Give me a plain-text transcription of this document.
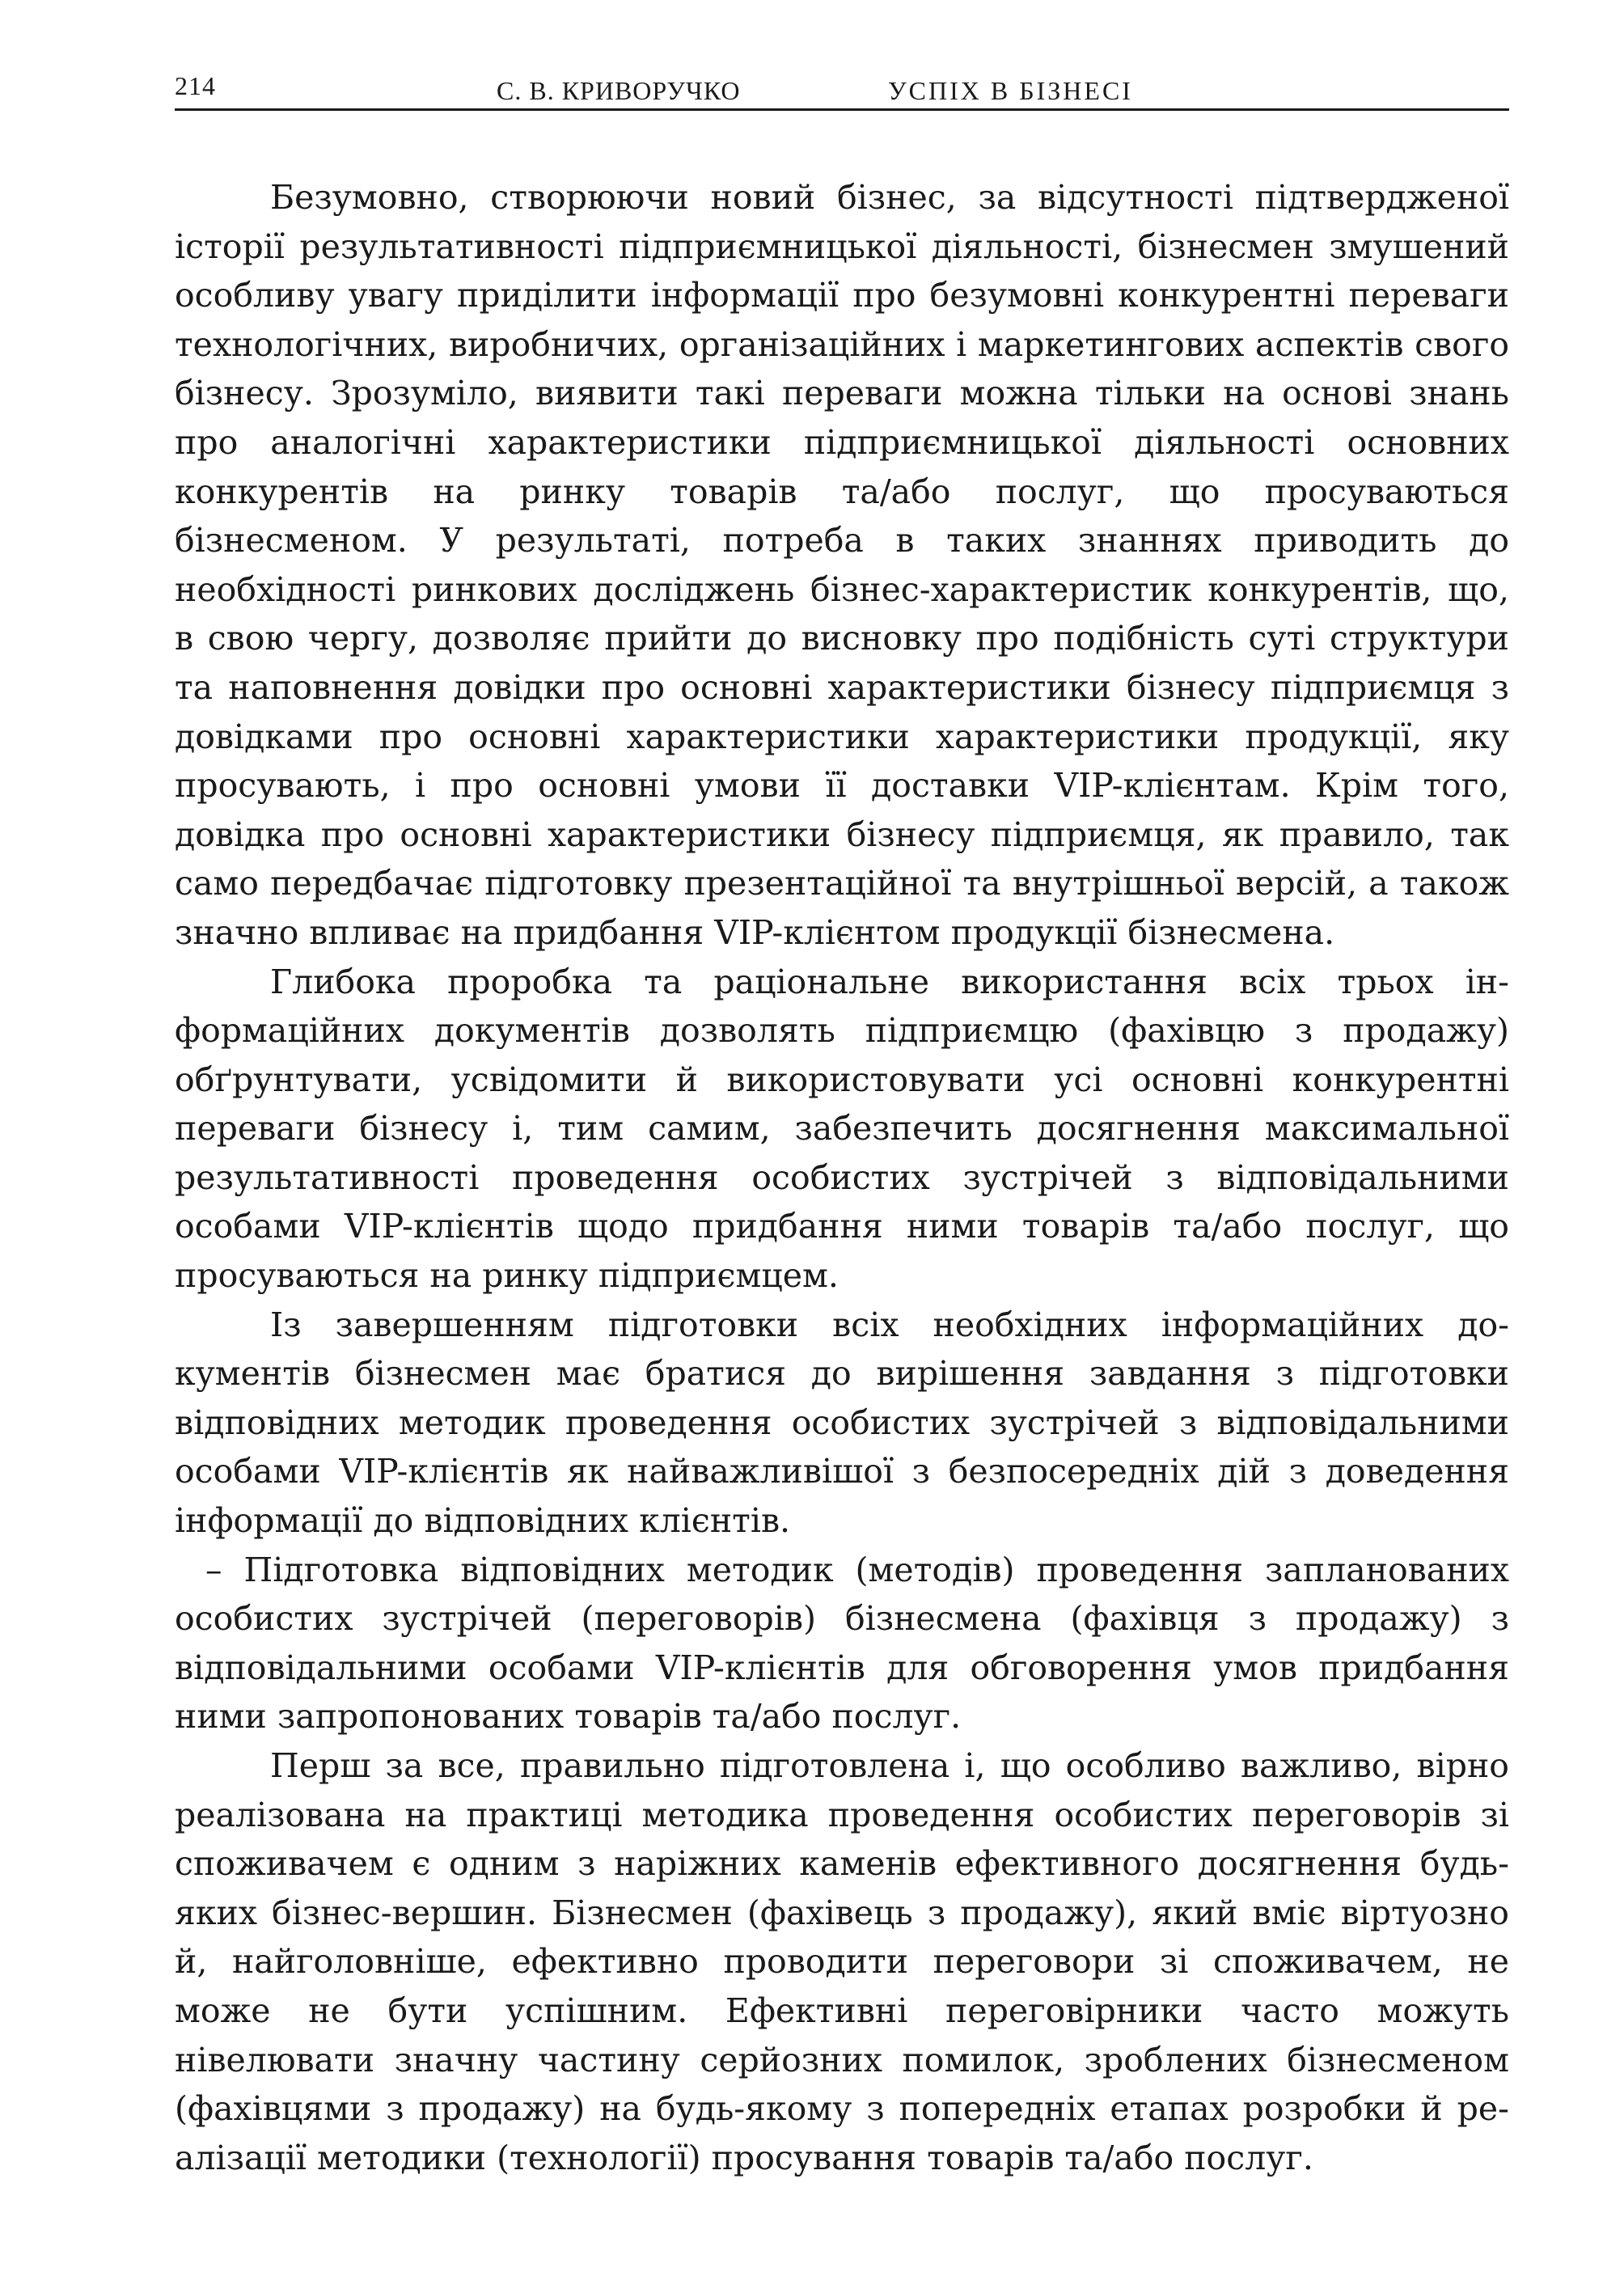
214	С. В. КРИВОРУЧКО	УСПІХ В БІЗНЕСІ

Безумовно, створюючи новий бізнес, за відсутності підтвердженої історії результативності підприємницької діяльності, бізнесмен змушений особливу увагу приділити інформації про безумовні конкурентні переваги технологічних, виробничих, організаційних і маркетингових аспектів свого бізнесу. Зрозуміло, виявити такі переваги можна тільки на основі знань про аналогічні характеристики підприємницької діяльності основних конкурентів на ринку товарів та/або послуг, що просуваються бізнесменом. У результаті, потреба в таких знаннях приводить до необхідності ринкових досліджень бізнес-характеристик конкурентів, що, в свою чергу, дозволяє прийти до висновку про подібність суті структури та наповнення довідки про основні характеристики бізнесу підприємця з довідками про основні характеристики характеристики продукції, яку просувають, і про основні умови її доставки VIP-клієнтам. Крім того, довідка про основні характеристики бізнесу підприємця, як правило, так само передбачає підготовку презентаційної та внутрішньої версій, а також значно впливає на придбання VIP-клієнтом продукції бізнесмена.

Глибока проробка та раціональне використання всіх трьох інформаційних документів дозволять підприємцю (фахівцю з продажу) обґрунтувати, усвідомити й використовувати усі основні конкурентні переваги бізнесу і, тим самим, забезпечить досягнення максимальної результативності проведення особистих зустрічей з відповідальними особами VIP-клієнтів щодо придбання ними товарів та/або послуг, що просуваються на ринку підприємцем.

Із завершенням підготовки всіх необхідних інформаційних документів бізнесмен має братися до вирішення завдання з підготовки відповідних методик проведення особистих зустрічей з відповідальними особами VIP-клієнтів як найважливішої з безпосередніх дій з доведення інформації до відповідних клієнтів.

– Підготовка відповідних методик (методів) проведення запланованих особистих зустрічей (переговорів) бізнесмена (фахівця з продажу) з відповідальними особами VIP-клієнтів для обговорення умов придбання ними запропонованих товарів та/або послуг.

Перш за все, правильно підготовлена і, що особливо важливо, вірно реалізована на практиці методика проведення особистих переговорів зі споживачем є одним з наріжних каменів ефективного досягнення будь-яких бізнес-вершин. Бізнесмен (фахівець з продажу), який вміє віртуозно й, найголовніше, ефективно проводити переговори зі споживачем, не може не бути успішним. Ефективні переговірники часто можуть нівелювати значну частину серйозних помилок, зроблених бізнесменом (фахівцями з продажу) на будь-якому з попередніх етапах розробки й реалізації методики (технології) просування товарів та/або послуг.
